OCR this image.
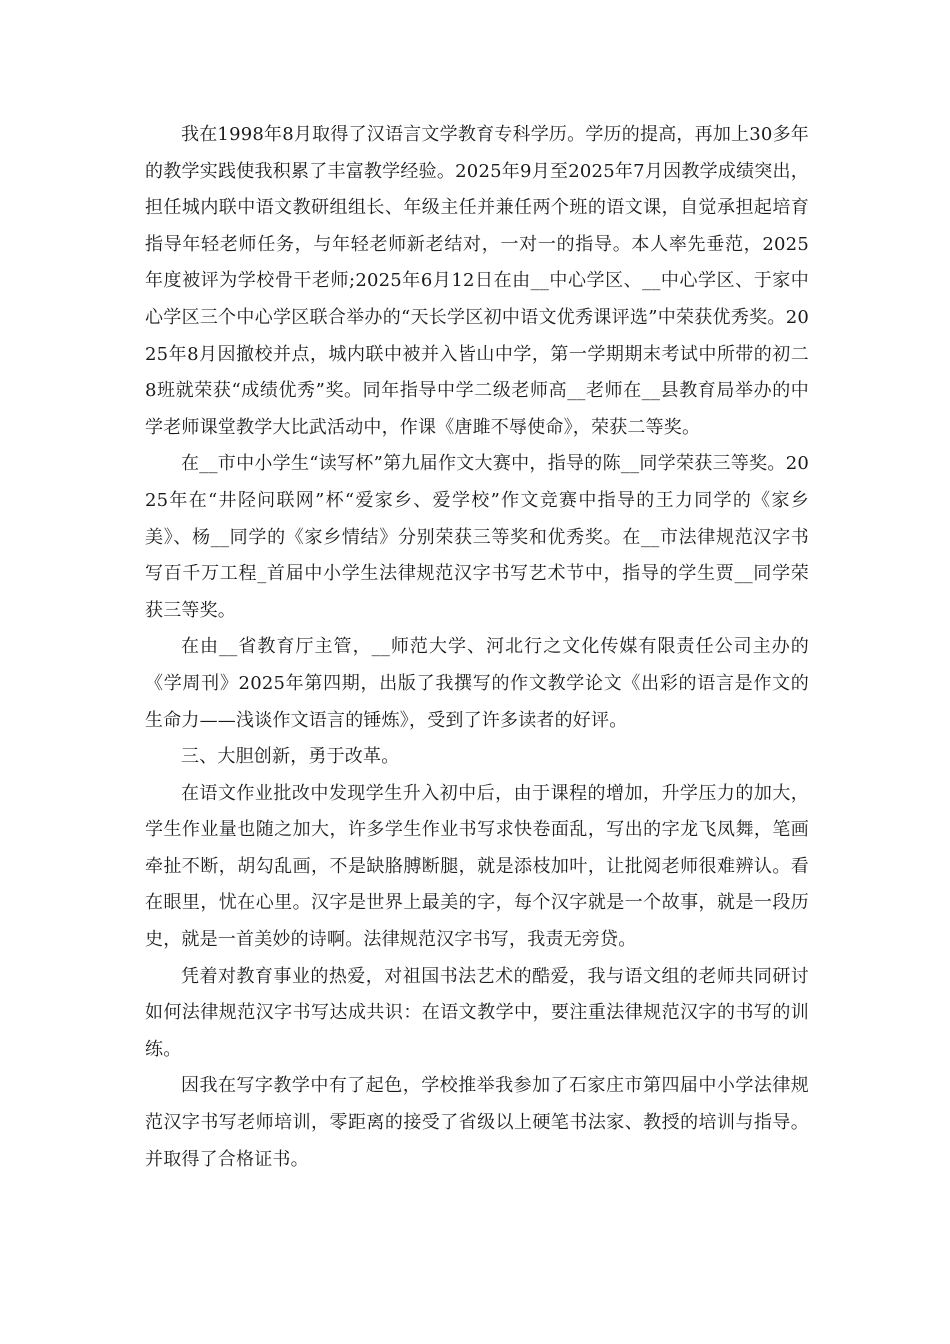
我在1998年8月取得了汉语言文学教育专科学历。学历的提高，再加上30多年的教学实践使我积累了丰富教学经验。2025年9月至2025年7月因教学成绩突出，担任城内联中语文教研组组长、年级主任并兼任两个班的语文课，自觉承担起培育指导年轻老师任务，与年轻老师新老结对，一对一的指导。本人率先垂范，2025年度被评为学校骨干老师;2025年6月12日在由__中心学区、__中心学区、于家中心学区三个中心学区联合举办的“天长学区初中语文优秀课评选”中荣获优秀奖。2025年8月因撤校并点，城内联中被并入皆山中学，第一学期期末考试中所带的初二8班就荣获“成绩优秀”奖。同年指导中学二级老师高__老师在__县教育局举办的中学老师课堂教学大比武活动中，作课《唐雎不辱使命》，荣获二等奖。

在__市中小学生“读写杯”第九届作文大赛中，指导的陈__同学荣获三等奖。2025年在“井陉问联网”杯“爱家乡、爱学校”作文竞赛中指导的王力同学的《家乡美》、杨__同学的《家乡情结》分别荣获三等奖和优秀奖。在__市法律规范汉字书写百千万工程_首届中小学生法律规范汉字书写艺术节中，指导的学生贾__同学荣获三等奖。

在由__省教育厅主管，__师范大学、河北行之文化传媒有限责任公司主办的《学周刊》2025年第四期，出版了我撰写的作文教学论文《出彩的语言是作文的生命力——浅谈作文语言的锤炼》，受到了许多读者的好评。

三、大胆创新，勇于改革。

在语文作业批改中发现学生升入初中后，由于课程的增加，升学压力的加大，学生作业量也随之加大，许多学生作业书写求快卷面乱，写出的字龙飞凤舞，笔画牵扯不断，胡勾乱画，不是缺胳膊断腿，就是添枝加叶，让批阅老师很难辨认。看在眼里，忧在心里。汉字是世界上最美的字，每个汉字就是一个故事，就是一段历史，就是一首美妙的诗啊。法律规范汉字书写，我责无旁贷。

凭着对教育事业的热爱，对祖国书法艺术的酷爱，我与语文组的老师共同研讨如何法律规范汉字书写达成共识：在语文教学中，要注重法律规范汉字的书写的训练。

因我在写字教学中有了起色，学校推举我参加了石家庄市第四届中小学法律规范汉字书写老师培训，零距离的接受了省级以上硬笔书法家、教授的培训与指导。并取得了合格证书。
